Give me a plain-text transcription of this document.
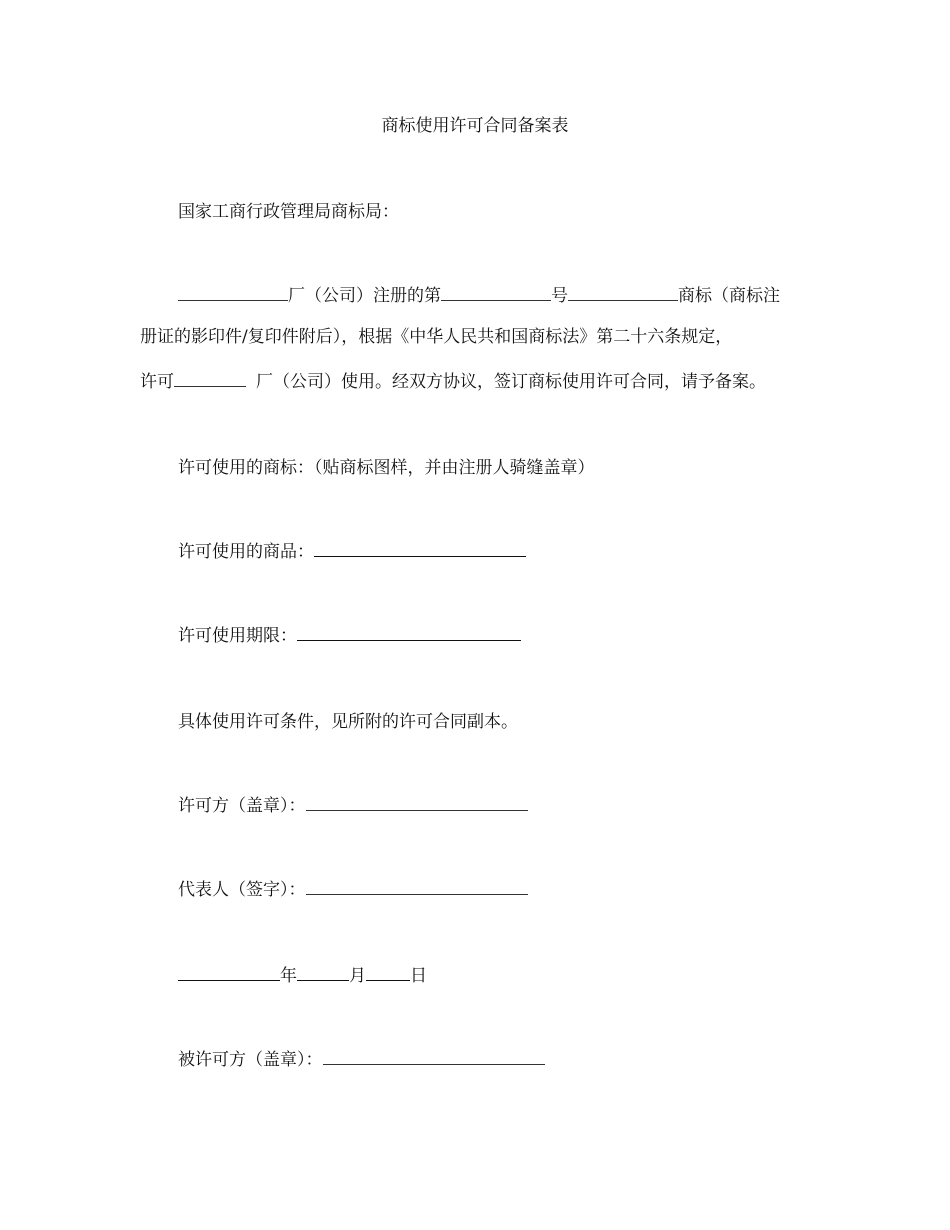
商标使用许可合同备案表
国家工商行政管理局商标局：
厂（公司）注册的第	号	商标（商标注
册证的影印件/复印件附后），根据《中华人民共和国商标法》第二十六条规定，
许可	厂（公司）使用。经双方协议，签订商标使用许可合同，请予备案。
许可使用的商标：（贴商标图样，并由注册人骑缝盖章）
许可使用的商品：
许可使用期限：
具体使用许可条件，见所附的许可合同副本。
许可方（盖章）：
代表人（签字）：
年	月	日
被许可方（盖章）：
